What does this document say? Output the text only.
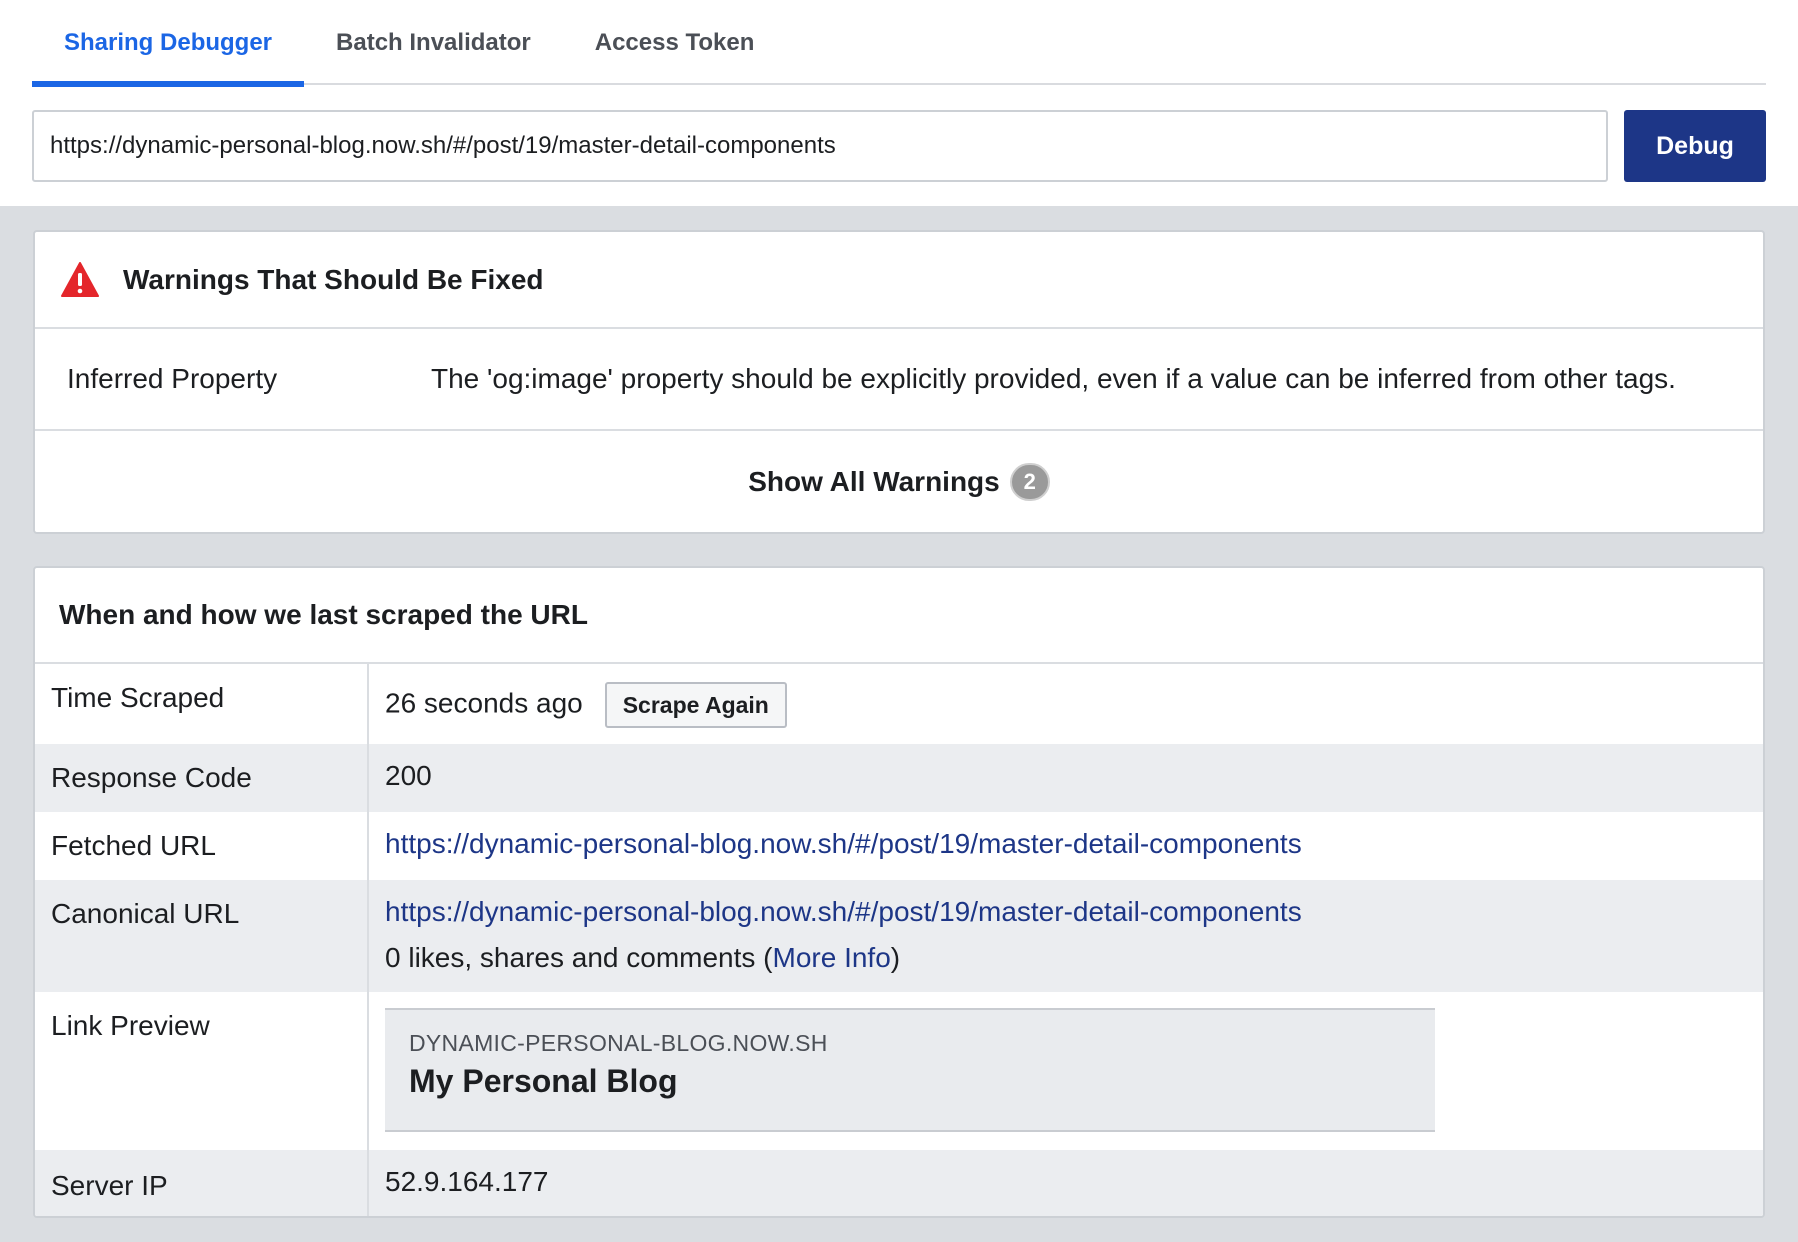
Sharing Debugger	Batch Invalidator	Access Token
https://dynamic-personal-blog.now.sh/#/post/19/master-detail-components
Debug
Warnings That Should Be Fixed
Inferred Property	The 'og:image' property should be explicitly provided, even if a value can be inferred from other tags.
Show All Warnings	2
When and how we last scraped the URL
Time Scraped	26 seconds ago Scrape Again
Response Code	200
Fetched URL	https://dynamic-personal-blog.now.sh/#/post/19/master-detail-components
Canonical URL	https://dynamic-personal-blog.now.sh/#/post/19/master-detail-components
0 likes, shares and comments (More Info)
Link Preview
DYNAMIC-PERSONAL-BLOG.NOW.SH
My Personal Blog
Server IP	52.9.164.177
